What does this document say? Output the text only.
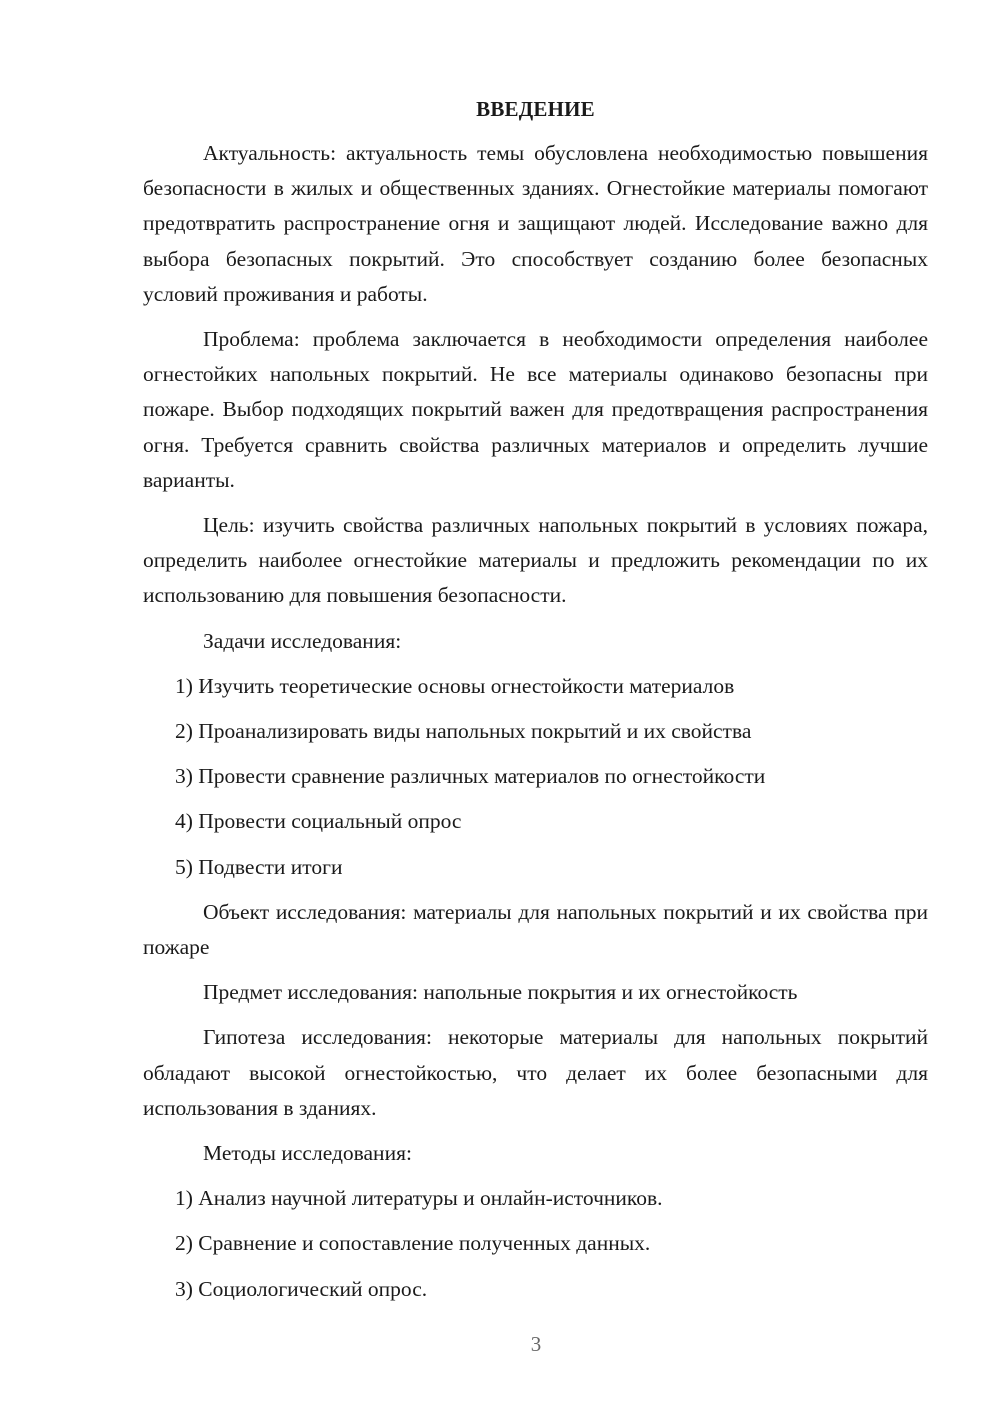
ВВЕДЕНИЕ

Актуальность: актуальность темы обусловлена необходимостью повышения безопасности в жилых и общественных зданиях. Огнестойкие материалы помогают предотвратить распространение огня и защищают людей. Исследование важно для выбора безопасных покрытий. Это способствует созданию более безопасных условий проживания и работы.

Проблема: проблема заключается в необходимости определения наиболее огнестойких напольных покрытий. Не все материалы одинаково безопасны при пожаре. Выбор подходящих покрытий важен для предотвращения распространения огня. Требуется сравнить свойства различных материалов и определить лучшие варианты.

Цель: изучить свойства различных напольных покрытий в условиях пожара, определить наиболее огнестойкие материалы и предложить рекомендации по их использованию для повышения безопасности.

Задачи исследования:

1) Изучить теоретические основы огнестойкости материалов
2) Проанализировать виды напольных покрытий и их свойства
3) Провести сравнение различных материалов по огнестойкости
4) Провести социальный опрос
5) Подвести итоги

Объект исследования: материалы для напольных покрытий и их свойства при пожаре

Предмет исследования: напольные покрытия и их огнестойкость

Гипотеза исследования: некоторые материалы для напольных покрытий обладают высокой огнестойкостью, что делает их более безопасными для использования в зданиях.

Методы исследования:

1) Анализ научной литературы и онлайн-источников.
2) Сравнение и сопоставление полученных данных.
3) Социологический опрос.
3
